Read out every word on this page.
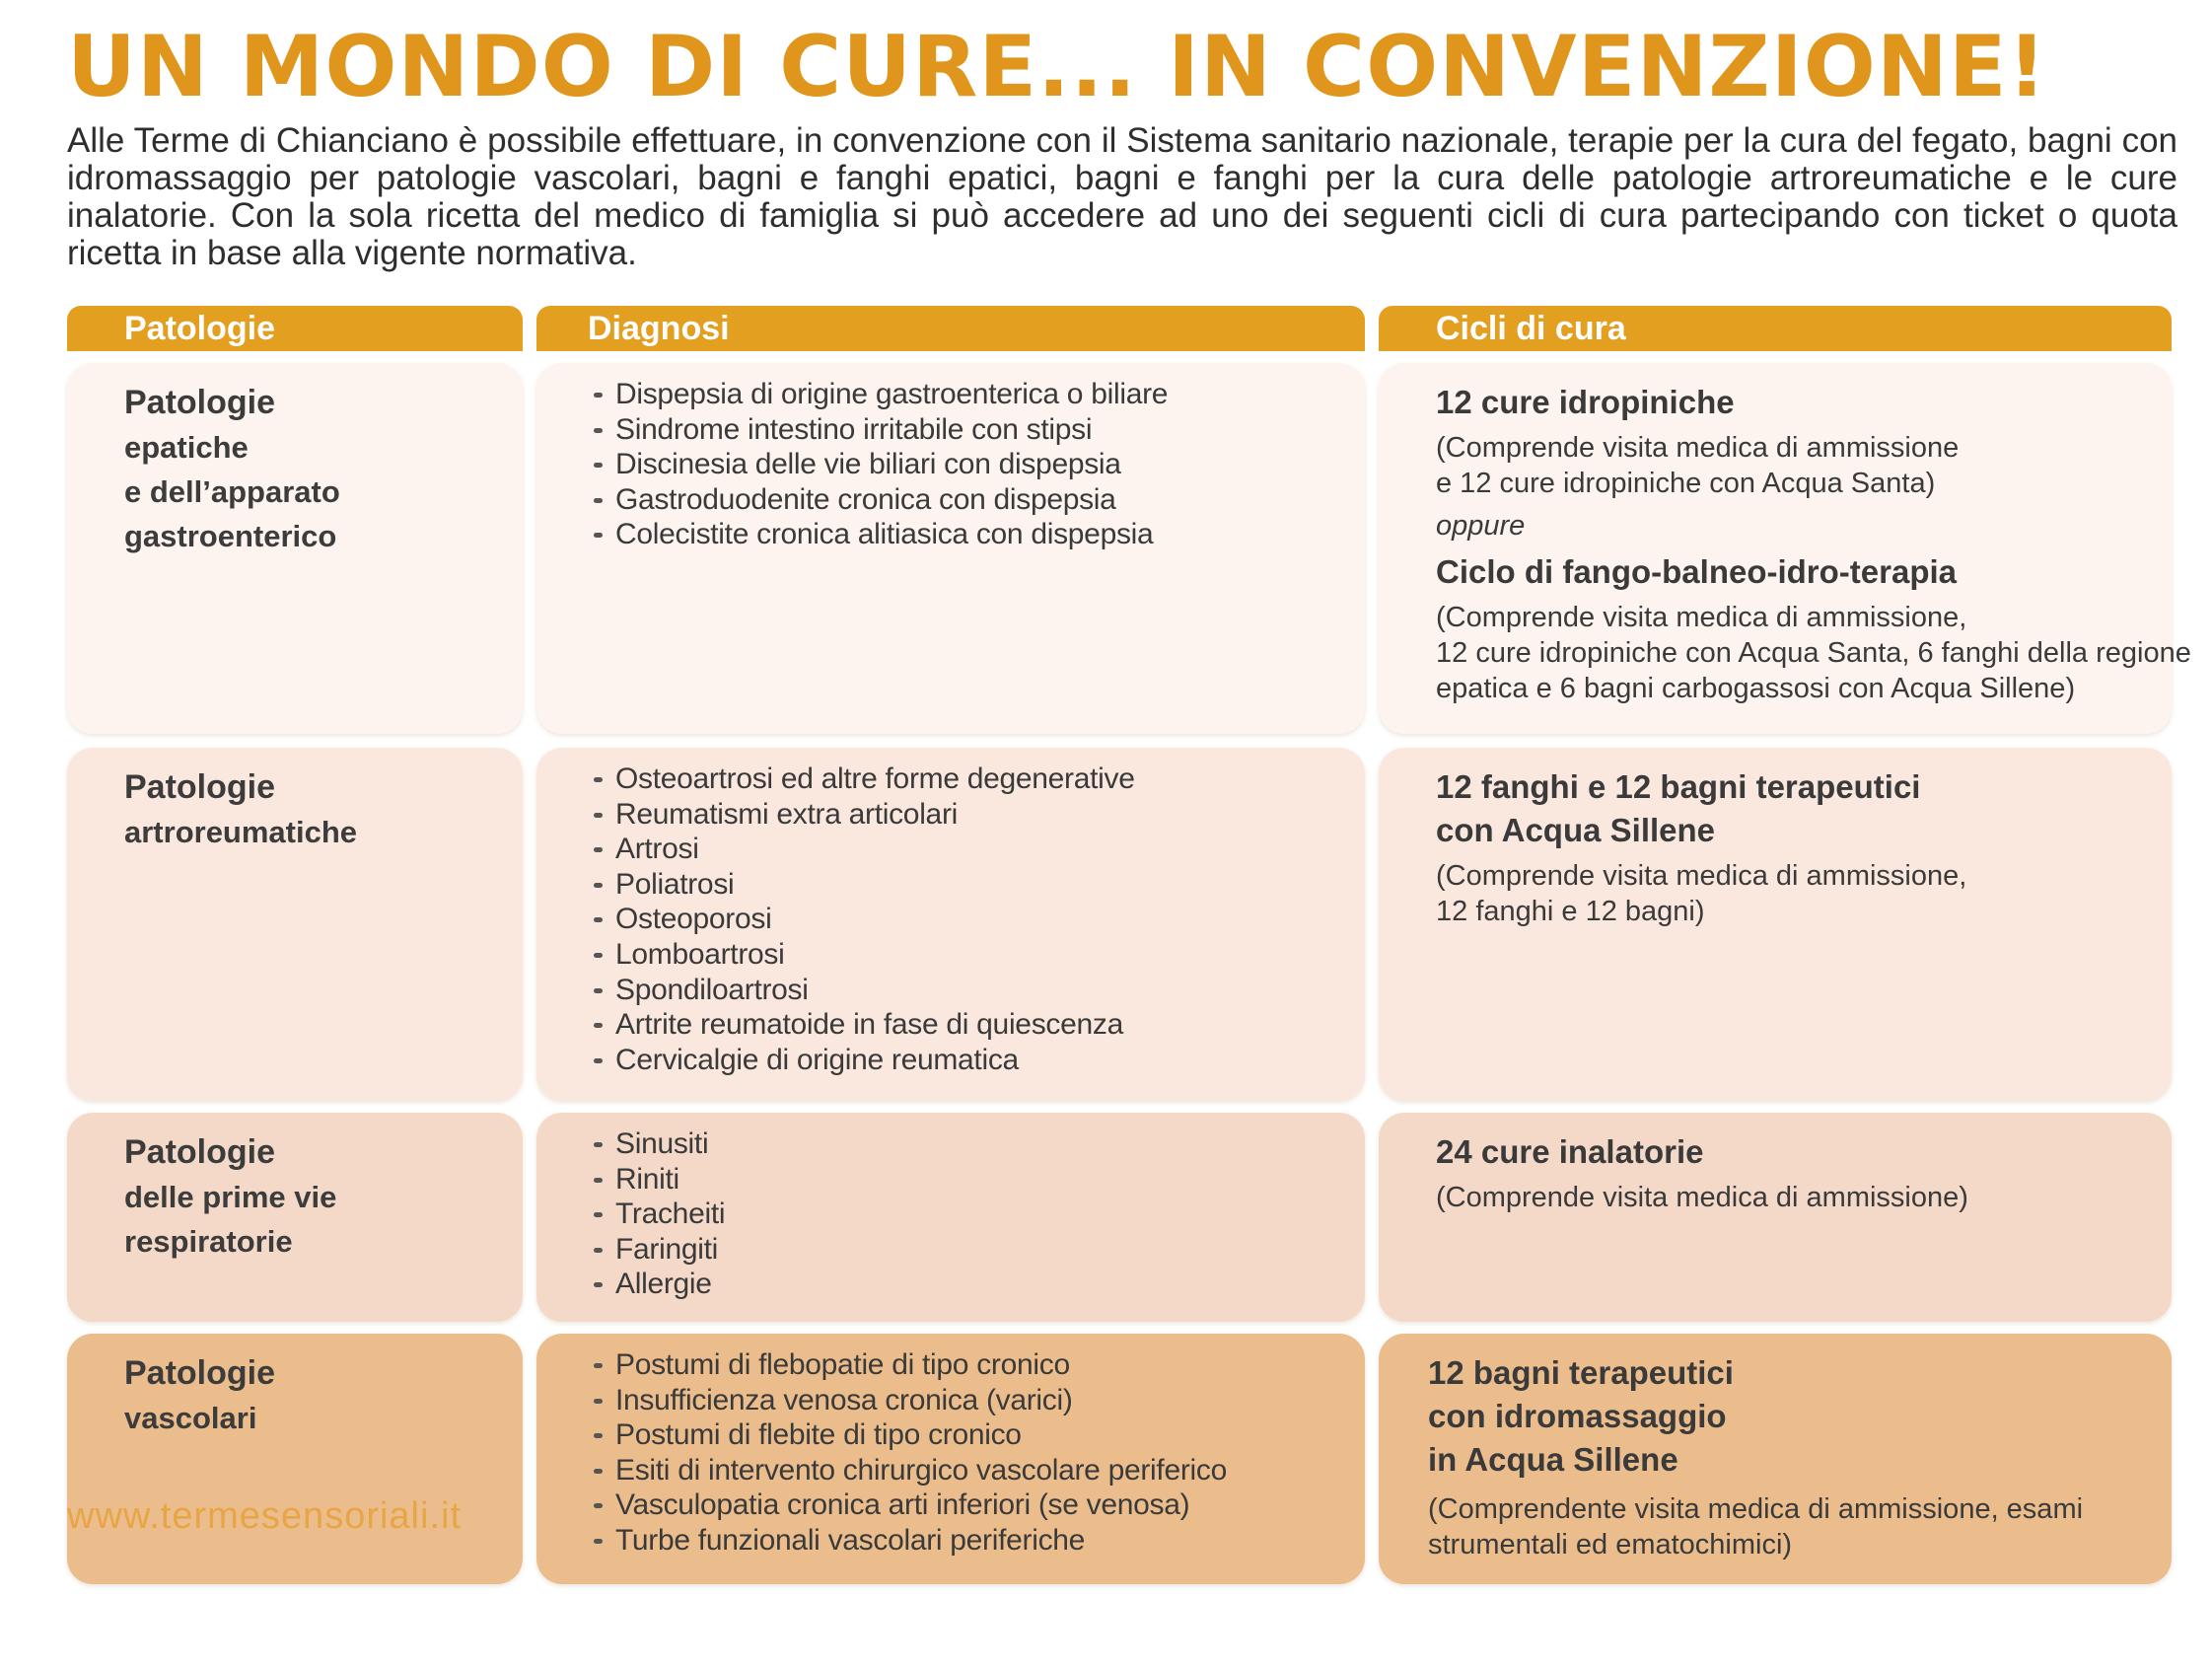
UN MONDO DI CURE... IN CONVENZIONE!
Alle Terme di Chianciano è possibile effettuare, in convenzione con il Sistema sanitario nazionale, terapie per la cura del fegato, bagni con idromassaggio per patologie vascolari, bagni e fanghi epatici, bagni e fanghi per la cura delle patologie artroreumatiche e le cure inalatorie. Con la sola ricetta del medico di famiglia si può accedere ad uno dei seguenti cicli di cura partecipando con ticket o quota ricetta in base alla vigente normativa.
Patologie	Diagnosi	Cicli di cura
Patologie
epatiche
e dell’apparato
gastroenterico
Dispepsia di origine gastroenterica o biliare
Sindrome intestino irritabile con stipsi
Discinesia delle vie biliari con dispepsia
Gastroduodenite cronica con dispepsia
Colecistite cronica alitiasica con dispepsia
12 cure idropiniche
(Comprende visita medica di ammissione
e 12 cure idropiniche con Acqua Santa)
oppure
Ciclo di fango-balneo-idro-terapia
(Comprende visita medica di ammissione,
12 cure idropiniche con Acqua Santa, 6 fanghi della regione
epatica e 6 bagni carbogassosi con Acqua Sillene)
Patologie
artroreumatiche
Osteoartrosi ed altre forme degenerative
Reumatismi extra articolari
Artrosi
Poliatrosi
Osteoporosi
Lomboartrosi
Spondiloartrosi
Artrite reumatoide in fase di quiescenza
Cervicalgie di origine reumatica
12 fanghi e 12 bagni terapeutici
con Acqua Sillene
(Comprende visita medica di ammissione,
12 fanghi e 12 bagni)
Patologie
delle prime vie
respiratorie
Sinusiti
Riniti
Tracheiti
Faringiti
Allergie
24 cure inalatorie
(Comprende visita medica di ammissione)
Patologie
vascolari
Postumi di flebopatie di tipo cronico
Insufficienza venosa cronica (varici)
Postumi di flebite di tipo cronico
Esiti di intervento chirurgico vascolare periferico
Vasculopatia cronica arti inferiori (se venosa)
Turbe funzionali vascolari periferiche
12 bagni terapeutici
con idromassaggio
in Acqua Sillene
(Comprendente visita medica di ammissione, esami
strumentali ed ematochimici)
www.termesensoriali.it
